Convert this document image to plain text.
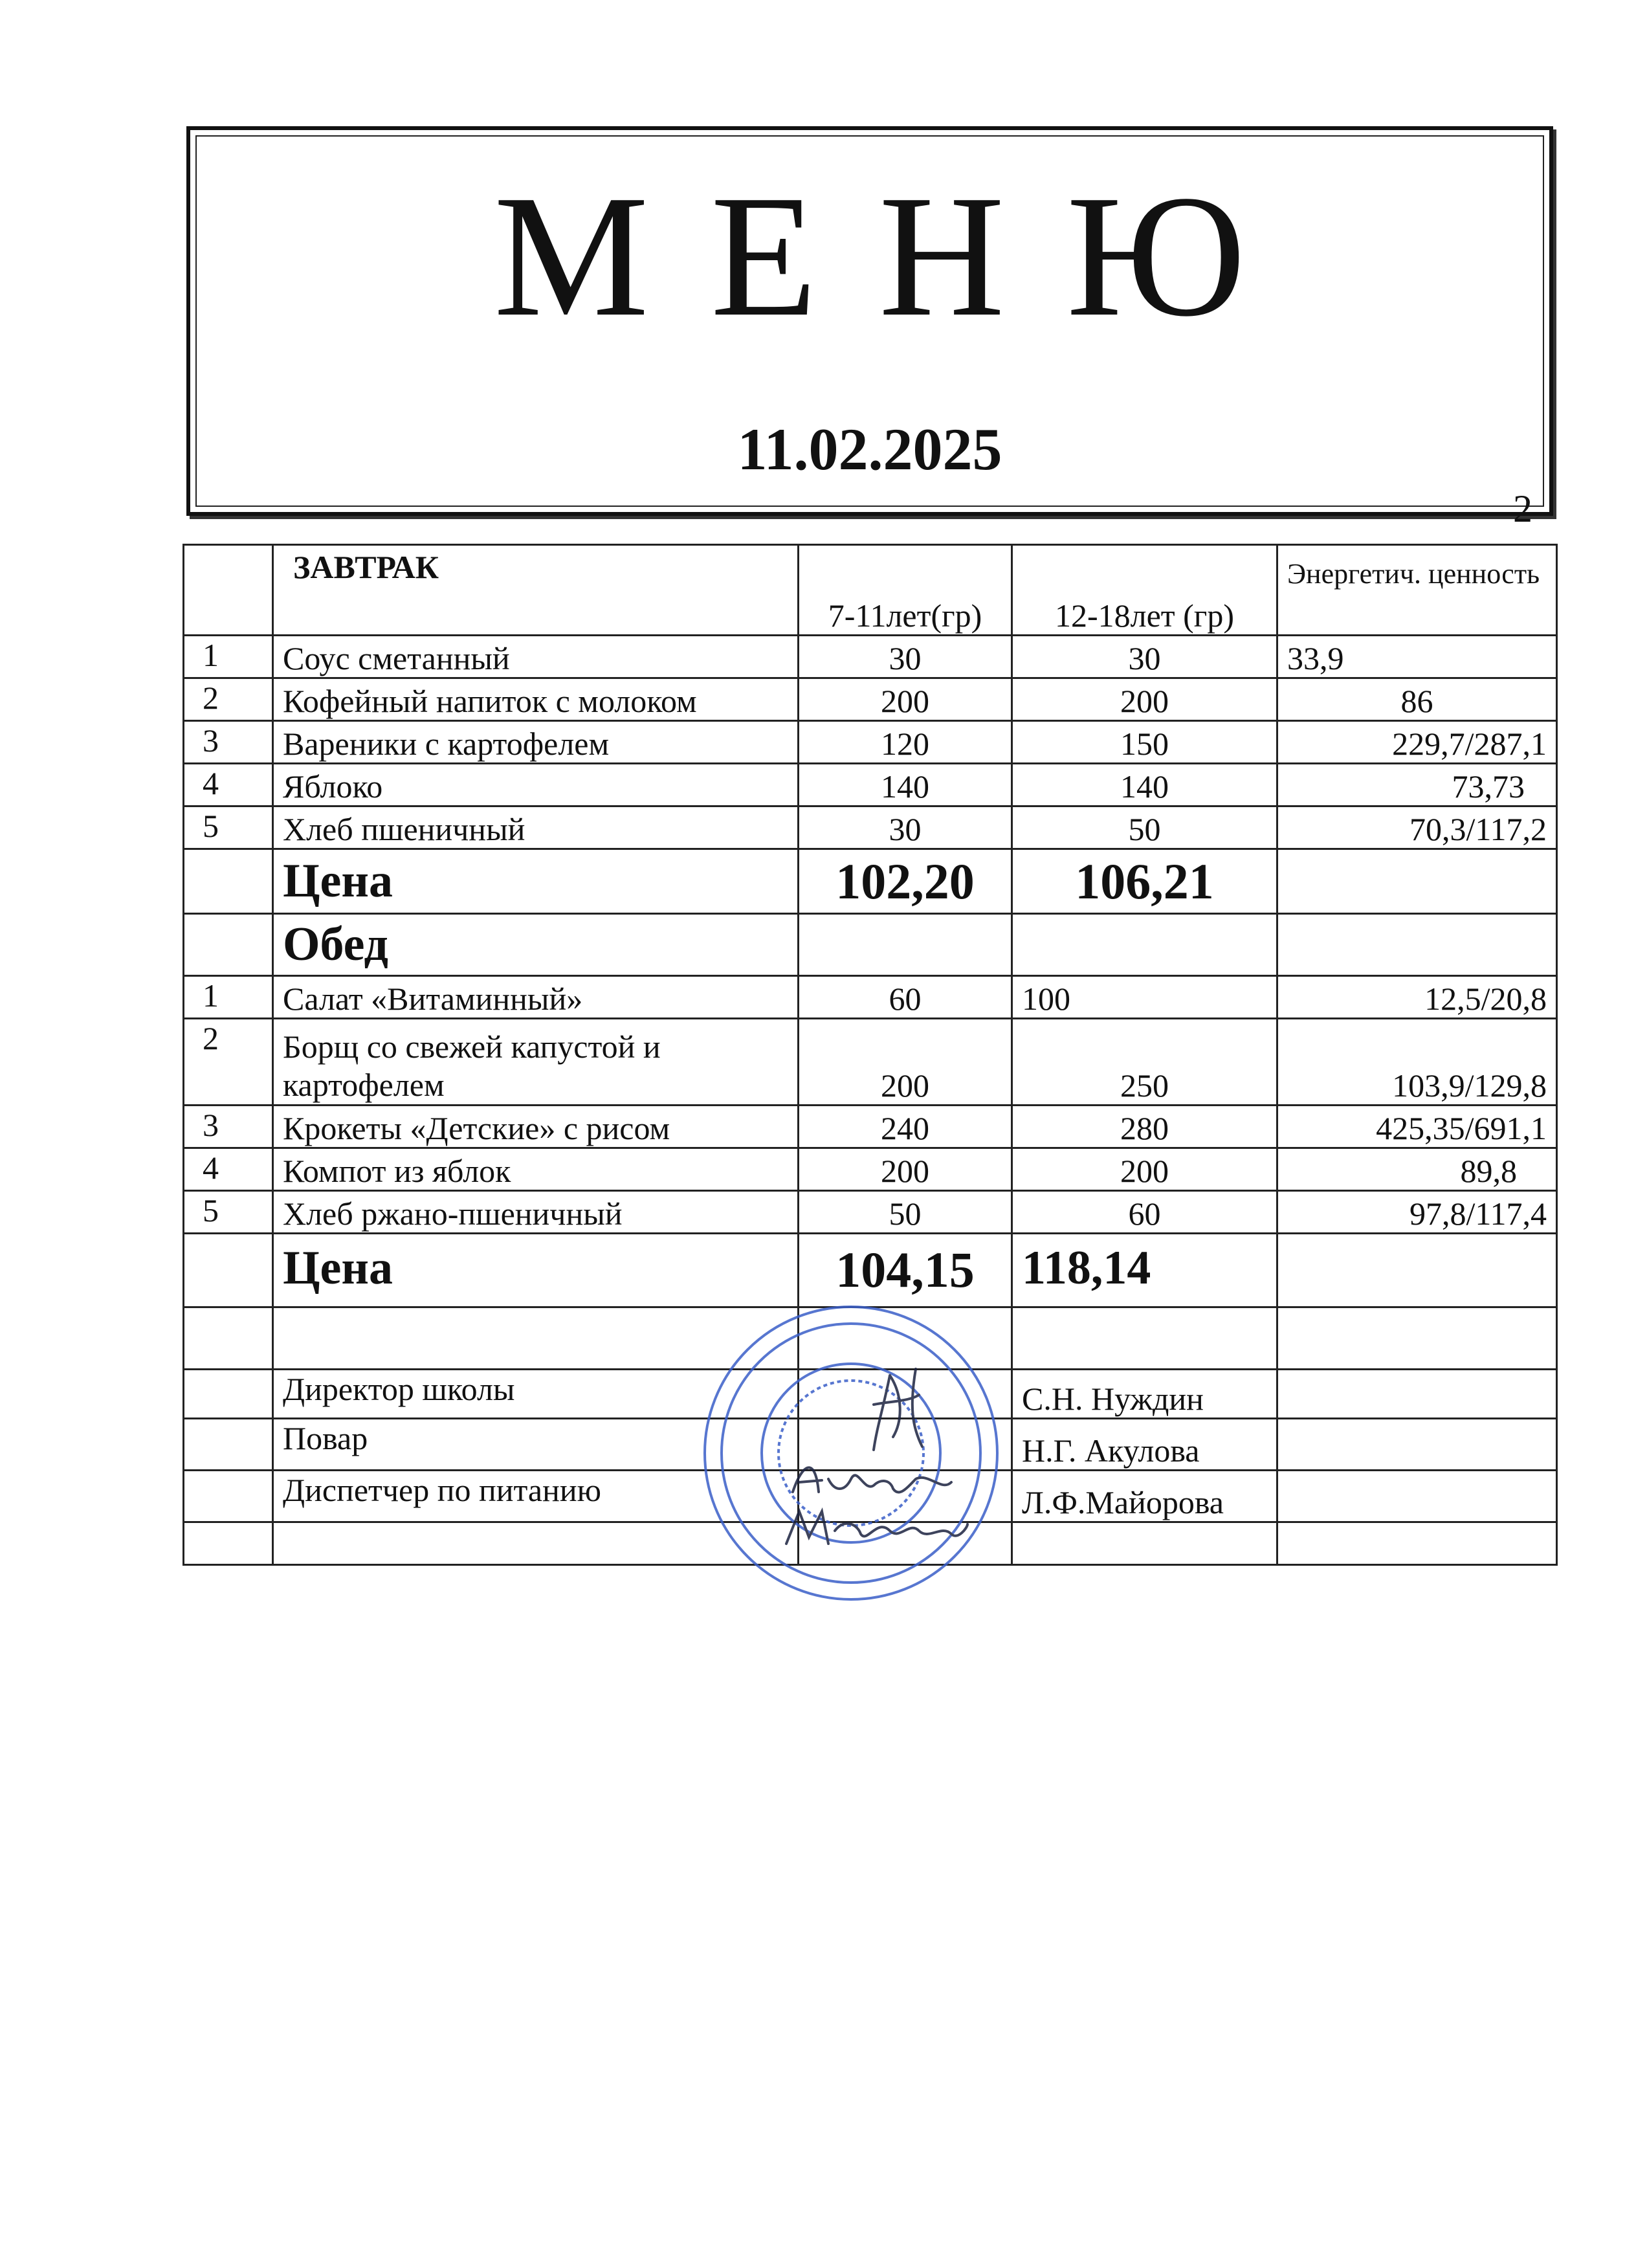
МЕНЮ
11.02.2025
2
	ЗАВТРАК	7-11лет(гр)	12-18лет (гр)	Энергетич. ценность
1	Соус сметанный	30	30	33,9
2	Кофейный напиток с молоком	200	200	86
3	Вареники с картофелем	120	150	229,7/287,1
4	Яблоко	140	140	73,73
5	Хлеб пшеничный	30	50	70,3/117,2
	Цена	102,20	106,21	
	Обед			
1	Салат «Витаминный»	60	100	12,5/20,8
2	Борщ со свежей капустой и картофелем	200	250	103,9/129,8
3	Крокеты «Детские» с рисом	240	280	425,35/691,1
4	Компот из яблок	200	200	89,8
5	Хлеб ржано-пшеничный	50	60	97,8/117,4
	Цена	104,15	118,14	

	Директор школы		С.Н. Нуждин	
	Повар		Н.Г. Акулова	
	Диспетчер по питанию		Л.Ф.Майорова	
